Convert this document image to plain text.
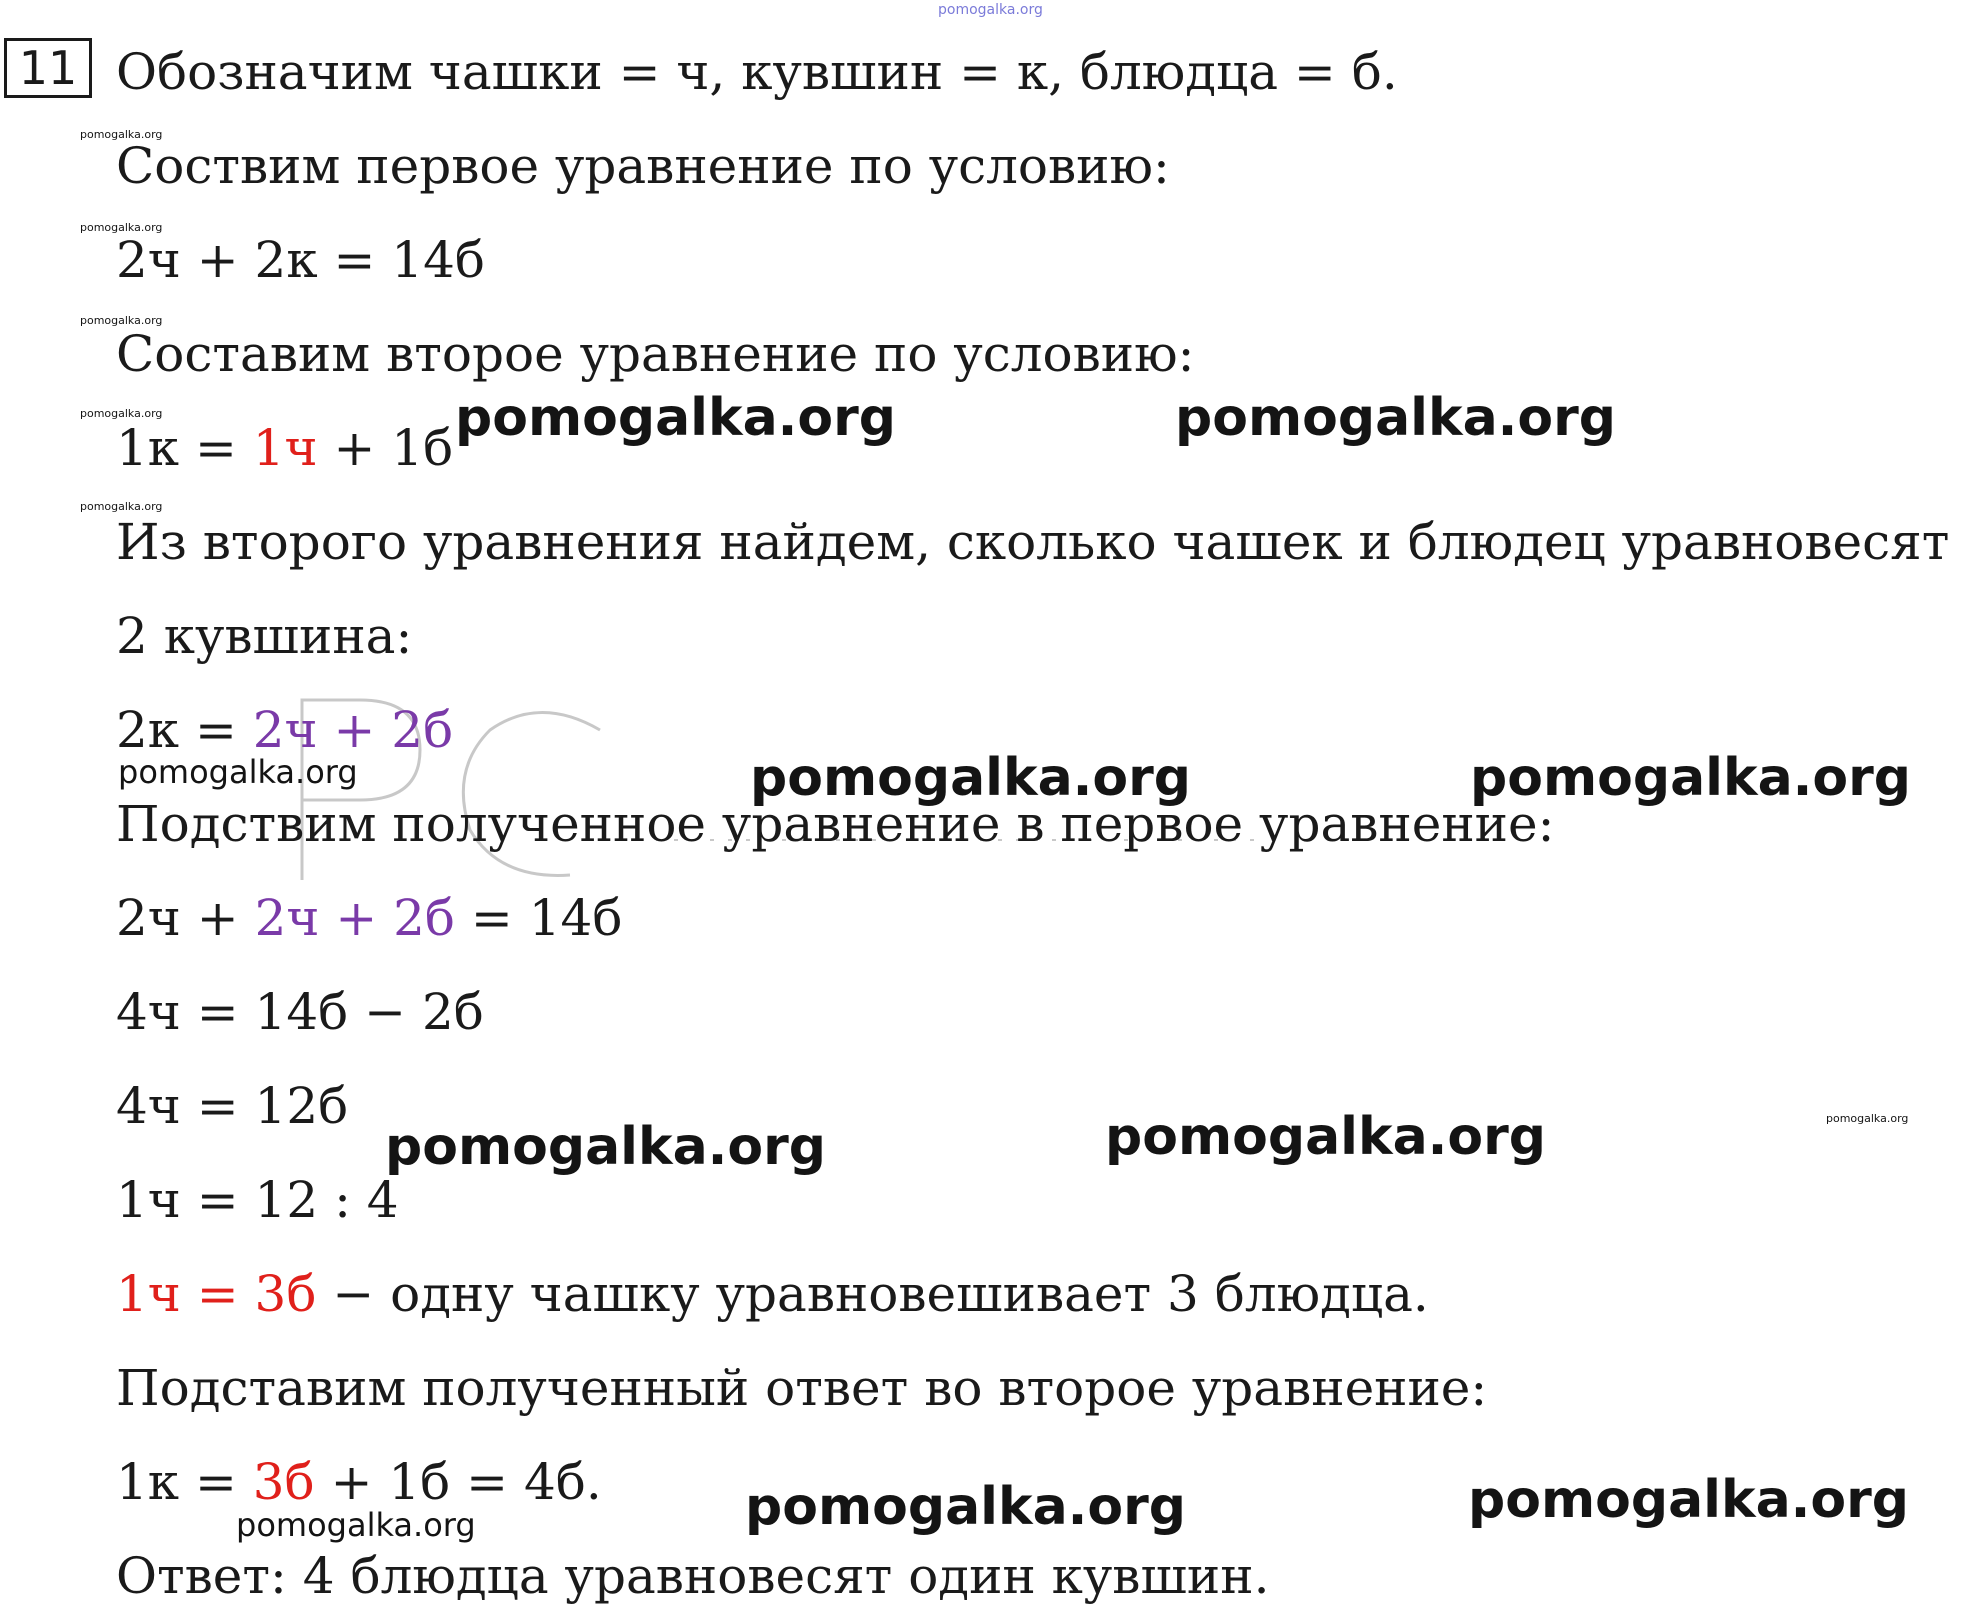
pomogalka.org
11 Обозначим чашки = ч, кувшин = к, блюдца = б.
Соствим первое уравнение по условию:
2ч + 2к = 14б
Составим второе уравнение по условию:
1к = 1ч + 1б
Из второго уравнения найдем, сколько чашек и блюдец уравновесят
2 кувшина:
2к = 2ч + 2б
Подствим полученное уравнение в первое уравнение:
2ч + 2ч + 2б = 14б
4ч = 14б − 2б
4ч = 12б
1ч = 12 : 4
1ч = 3б − одну чашку уравновешивает 3 блюдца.
Подставим полученный ответ во второе уравнение:
1к = 3б + 1б = 4б.
Ответ: 4 блюдца уравновесят один кувшин.
pomogalka.org
pomogalka.org
pomogalka.org
pomogalka.org
pomogalka.org
pomogalka.org
pomogalka.org	pomogalka.org
pomogalka.org	pomogalka.org
pomogalka.org	pomogalka.org
pomogalka.org	pomogalka.org
pomogalka.org
pomogalka.org
